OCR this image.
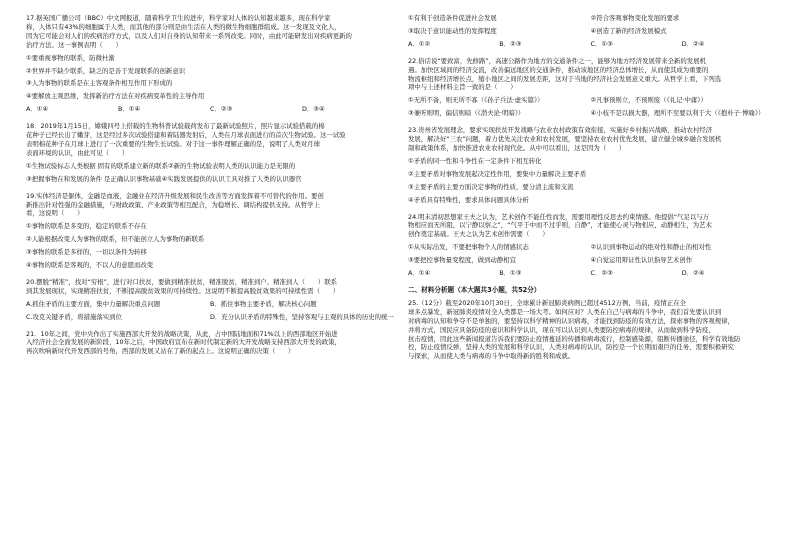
17.据英国广播公司（BBC）中文网报道，随着科学卫生的进步，科学家对人体的认知越来越多，现在科学家
称，人体只有43%的细胞属于人类，而其他的部分则是由生活在人类的微生物细胞群组成。这一发现及文化人，
因为它可能会对人们的疾病治疗方式，以及人们对自身的认知带来一系列改变。同时，由此可能研发出对疾病更新的
治疗方法。这一事例表明（　　）
①要重视事物的联系，防微杜渐
②世界并不缺少联系，缺乏的是善于发现联系的创新意识
③人为事物的联系是在主客观条件相互作用下形成的
④要解放主观思维，发挥新治疗方法在对疾病变革性的主导作用
A．①④	B．①④	C．②③	D．③④
18．2019年1月15日，嫦娥四号上搭载的生物科普试验载荷发布了最新试验照片，照片显示试验搭载的棉
花种子已经长出了嫩芽，这是经过多次试验搭建和着陆器发射后，人类在月球表面进行的首次生物试验。这一试验
表明棉花种子在月球上进行了一次重要的生物生长试验。对于这一事件理解正确的是，说明了人类对月球
表面环境的认识，由此可见（　　）
①生物试验标志人类根据 固有的联系建立新的联系②新的生物试验表明人类的认识能力是无限的
③把握事物在和发展的条件 是正确认识事物基础④实践发展提供的认识工具对推了人类的认识器官
19.实体经济是躯体，金融是血液，金融业在经济升级发展和民生改善等方面发挥着不可替代的作用。要创
新推出针对性强的金融措施，与财政政策、产业政策等相互配合，为稳增长、调结构提供支持。从哲学上
看，这说明（　　）
①事物的联系是多变的，稳定的联系不存在
②人能根据改变人为事物的联系，但不能创立人为事物的新联系
③事物的联系是多样的，一切以条件为转移
④事物的联系是客观的，不以人的意愿而改变
20.摆脱“精准”，找对“穷根”，进行对口扶贫，要做到精准扶贫，精准脱贫，精准到户、精准到人（　　）联系
到其发展现状，实现精准扶贫，不断提高脱贫效果的可持续性。这说明不断提高脱贫效果的可持续性需（　　）
A.抓住矛盾的主要方面，集中力量解决重点问题	B．抓住事物主要矛盾，解决核心问题
C.攻克关键矛盾，将措施落实到位	D．充分认识矛盾的特殊性，坚持客观与主观的具体的历史的统一
21．10年之间，党中央作出了实施西部大开发的战略决策，从此，占中国陆地面积71%以上的西部地区开始进
入经济社会全面发展的新阶段，10年之后，中国政府宣布在新时代制定新的大开发战略支持西部大开发的政策，
再次吹响新时代开发西部的号角，西部的发展又站在了新的起点上。这说明正确的决策（　　）
①有利于创造条件促进社会发展	②符合客观事物变化发展的要求
③取决于意识能动性的发挥程度	④创造了新的经济发展模式
A．①②	B．②③	C．①③	D．②④
22.俗话说“要致富，先修路”，高速公路作为地方的交通条件之一，能够为地方经济发展带来全新的发展机
遇。加快区域间的经济交流，改善偏远地区的交通条件，推动该地区的经济总体增长，从而使其成为重要的
物流枢纽和经济增长点，缩小地区之间的发展差距，这对于当地的经济社会发展意义重大。从哲学上看，下列选
项中与上述材料主旨一致的是（　　）
①无所不备，则无所不寡（《孙子兵法·虚实篇》）	②凡事预则立，不预则废（《礼记·中庸》）
③兼听则明，偏信则暗（《潜夫论·明暗》）	④小枝不是以损大器，理所不至要以利于大（《抱朴子·博喻》）
23.贵州省发展理念，要求实现扶贫开发战略与农业农村政策有效衔接，实施好乡村振兴战略，推动农村经济
发展，解决好“三农”问题，着力优先关注农业和农村发展，要坚持农业农村优先发展，建立健全城乡融合发展机
制和政策体系，加快推进农业农村现代化。从中可以看出，这是因为（　　）
①矛盾的同一性和斗争性在一定条件下相互转化
②主要矛盾对事物发展起决定性作用，要集中力量解决主要矛盾
③主要矛盾的主要方面决定事物的性质，要分清主流和支流
④矛盾具有特殊性，要求具体问题具体分析
24.明末清初思想家王夫之认为，艺术创作不能任性而发，需要用理性反思去约束情感。他提倡“气足以与万
物相应而无所阻，以宁静以察之”，“气平于中而不过乎则，自静”，才能使心灵与物相应，动静相生，为艺术
创作奠定基础。王夫之认为艺术创作需要（　　）
①从实际出发，不要把事物个人的情感状态	②认识到事物运动的绝对性和静止的相对性
③要把控事物量变程度，做到动静相宜	④自觉运用辩证性认识指导艺术创作
A．①④	B．①③	C．②③	D．②④
二、材料分析题（本大题共3小题，共52分）
25.（12分）截至2020年10月30日，全球累计新冠肺炎病例已超过4512万例，当前，疫情正在全
球多点暴发，新冠肺炎疫情对全人类都是一场大考。如何应对？人类在自己与病毒的斗争中，我们首先要认识到
对病毒的认知和争夺不是单独的，要坚持以科学精神的认识病毒，才能找到防疫的有效方法，探索事物的客观规律，
并将方式，国民应具备防疫的意识和科学认识，现在可以认识到人类要防控病毒的规律，从而做到科学防疫，
抗击疫情，因此这些新闻报道告诉我们要防止疫情蔓延的传播和病毒流行，控制感染源，阻断传播途径，科学有效地防
控，防止疫情反弹，坚持人类的发展和科学认识，人类对病毒的认识，防控是一个长期而艰巨的任务，需要积极研究
与探索，从而使人类与病毒的斗争中取得新的胜利和成就。
